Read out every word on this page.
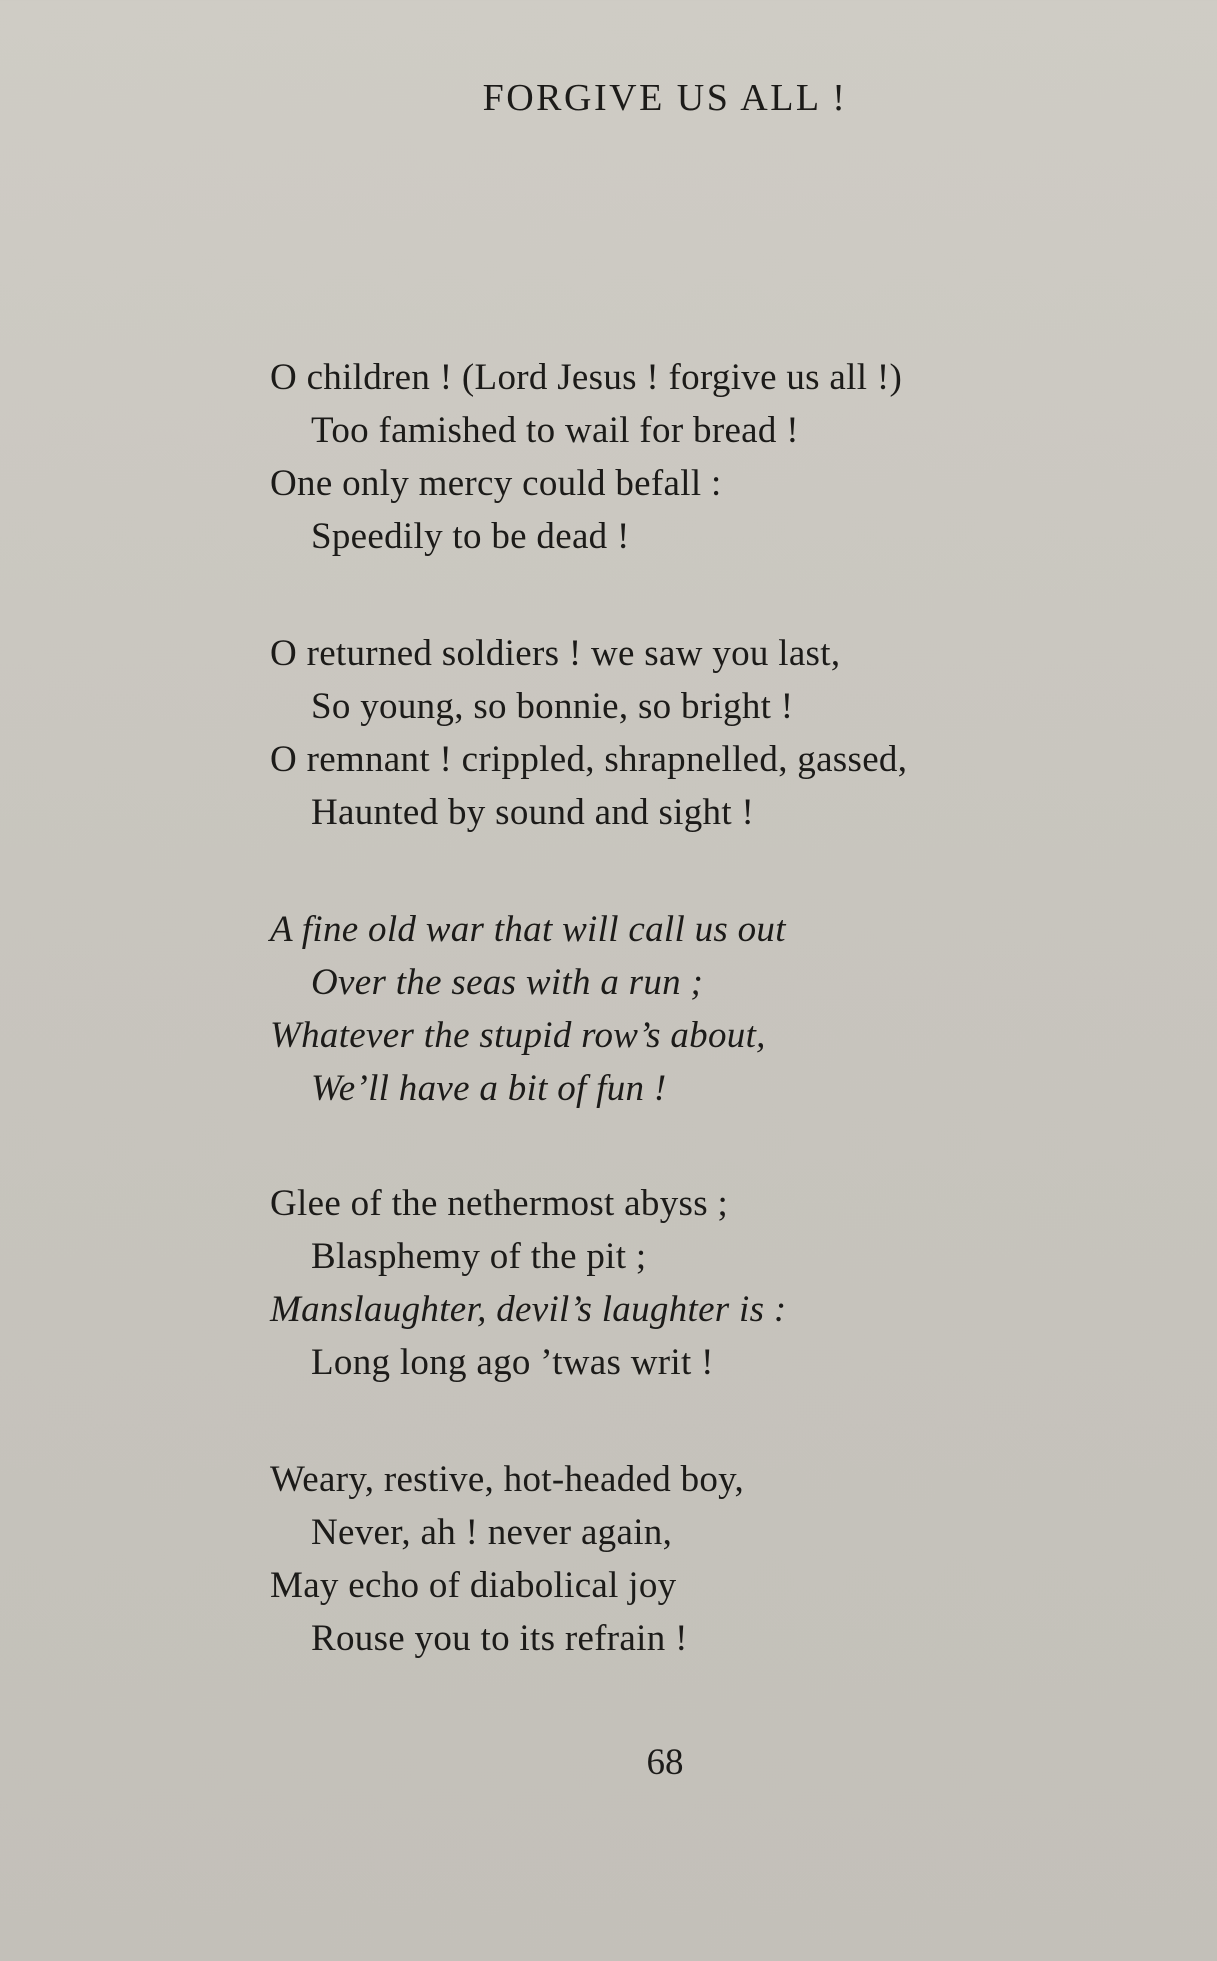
FORGIVE US ALL !
O children ! (Lord Jesus ! forgive us all !)
Too famished to wail for bread !
One only mercy could befall :
Speedily to be dead !
O returned soldiers ! we saw you last,
So young, so bonnie, so bright !
O remnant ! crippled, shrapnelled, gassed,
Haunted by sound and sight !
A fine old war that will call us out
Over the seas with a run ;
Whatever the stupid row’s about,
We’ll have a bit of fun !
Glee of the nethermost abyss ;
Blasphemy of the pit ;
Manslaughter, devil’s laughter is :
Long long ago ’twas writ !
Weary, restive, hot-headed boy,
Never, ah ! never again,
May echo of diabolical joy
Rouse you to its refrain !
68
